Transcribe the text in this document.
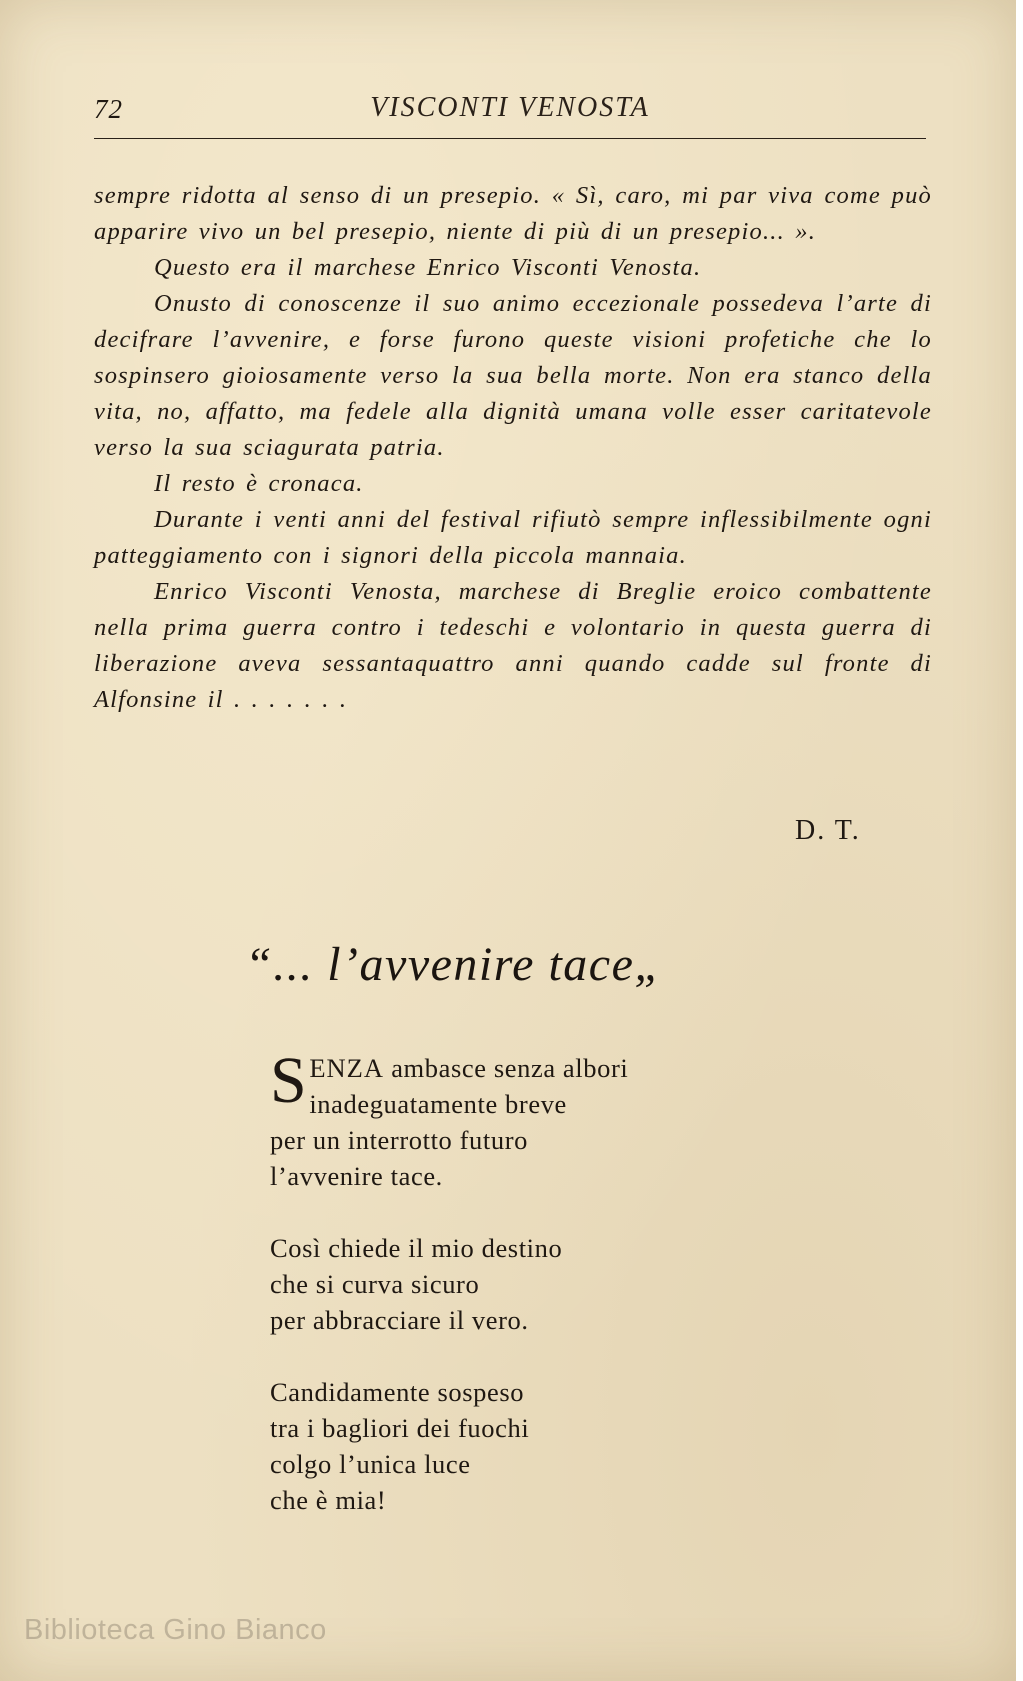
72	VISCONTI VENOSTA

sempre ridotta al senso di un presepio. « Sì, caro, mi par viva come può apparire vivo un bel presepio, niente di più di un presepio... ».

Questo era il marchese Enrico Visconti Venosta.

Onusto di conoscenze il suo animo eccezionale possedeva l’arte di decifrare l’avvenire, e forse furono queste visioni profetiche che lo sospinsero gioiosamente verso la sua bella morte. Non era stanco della vita, no, affatto, ma fedele alla dignità umana volle esser caritatevole verso la sua sciagurata patria.

Il resto è cronaca.

Durante i venti anni del festival rifiutò sempre inflessibilmente ogni patteggiamento con i signori della piccola mannaia.

Enrico Visconti Venosta, marchese di Breglie eroico combattente nella prima guerra contro i tedeschi e volontario in questa guerra di liberazione aveva sessantaquattro anni quando cadde sul fronte di Alfonsine il . . . . . . .

D. T.
“... l’avvenire tace„
SENZA ambasce senza albori
inadeguatamente breve
per un interrotto futuro
l’avvenire tace.
Così chiede il mio destino
che si curva sicuro
per abbracciare il vero.
Candidamente sospeso
tra i bagliori dei fuochi
colgo l’unica luce
che è mia!
Biblioteca Gino Bianco
